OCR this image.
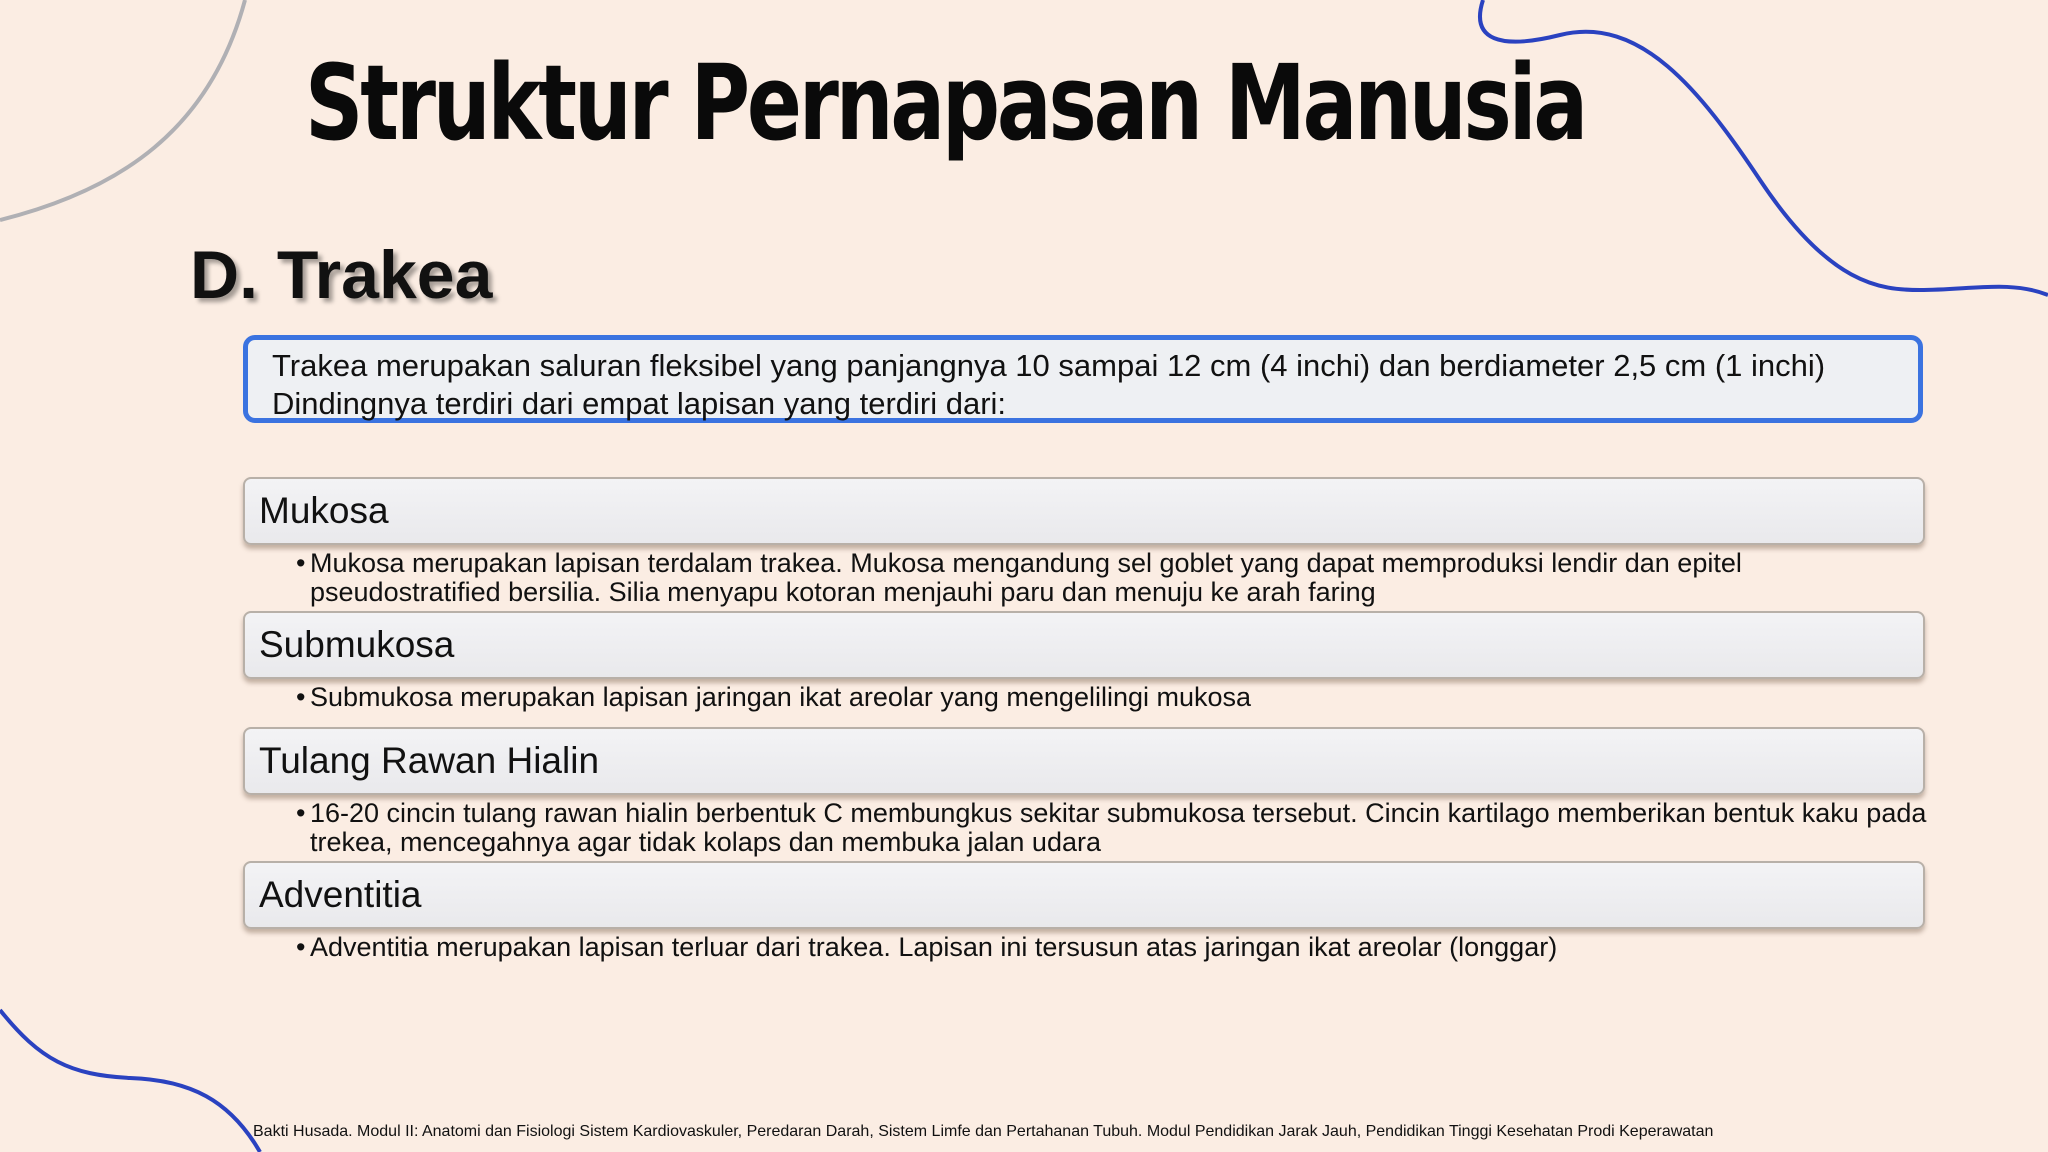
Struktur Pernapasan Manusia
D. Trakea
Trakea merupakan saluran fleksibel yang panjangnya 10 sampai 12 cm (4 inchi) dan berdiameter 2,5 cm (1 inchi)
Dindingnya terdiri dari empat lapisan yang terdiri dari:
Mukosa
• Mukosa merupakan lapisan terdalam trakea. Mukosa mengandung sel goblet yang dapat memproduksi lendir dan epitel pseudostratified bersilia. Silia menyapu kotoran menjauhi paru dan menuju ke arah faring
Submukosa
• Submukosa merupakan lapisan jaringan ikat areolar yang mengelilingi mukosa
Tulang Rawan Hialin
• 16-20 cincin tulang rawan hialin berbentuk C membungkus sekitar submukosa tersebut. Cincin kartilago memberikan bentuk kaku pada trekea, mencegahnya agar tidak kolaps dan membuka jalan udara
Adventitia
• Adventitia merupakan lapisan terluar dari trakea. Lapisan ini tersusun atas jaringan ikat areolar (longgar)
Bakti Husada. Modul II: Anatomi dan Fisiologi Sistem Kardiovaskuler, Peredaran Darah, Sistem Limfe dan Pertahanan Tubuh. Modul Pendidikan Jarak Jauh, Pendidikan Tinggi Kesehatan Prodi Keperawatan
